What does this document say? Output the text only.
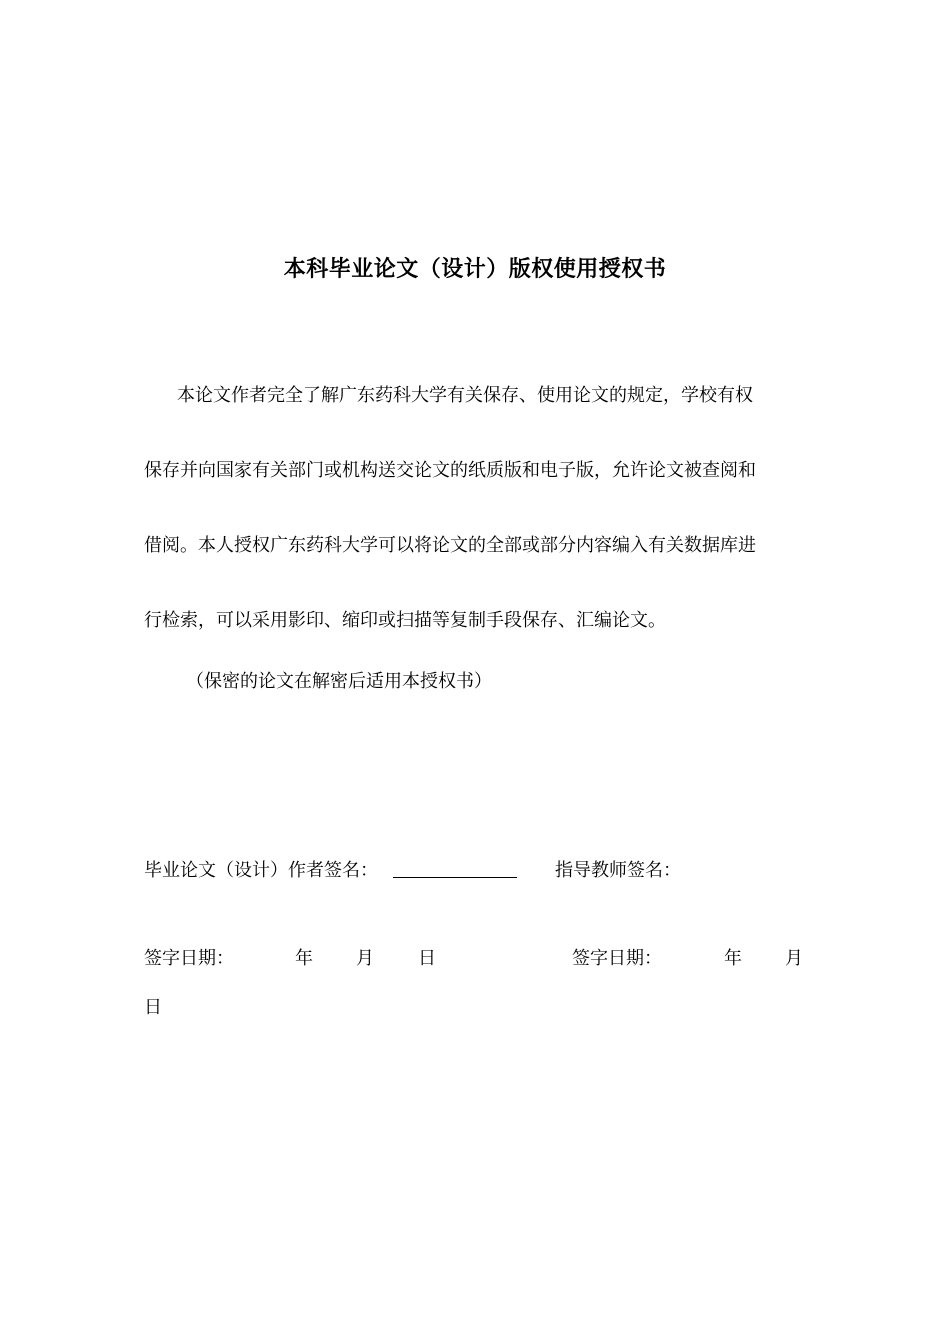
本科毕业论文（设计）版权使用授权书
本论文作者完全了解广东药科大学有关保存、使用论文的规定，学校有权
保存并向国家有关部门或机构送交论文的纸质版和电子版，允许论文被查阅和
借阅。本人授权广东药科大学可以将论文的全部或部分内容编入有关数据库进
行检索，可以采用影印、缩印或扫描等复制手段保存、汇编论文。
（保密的论文在解密后适用本授权书）
毕业论文（设计）作者签名：	指导教师签名：
签字日期：	年 月 日	签字日期：	年 月
日
